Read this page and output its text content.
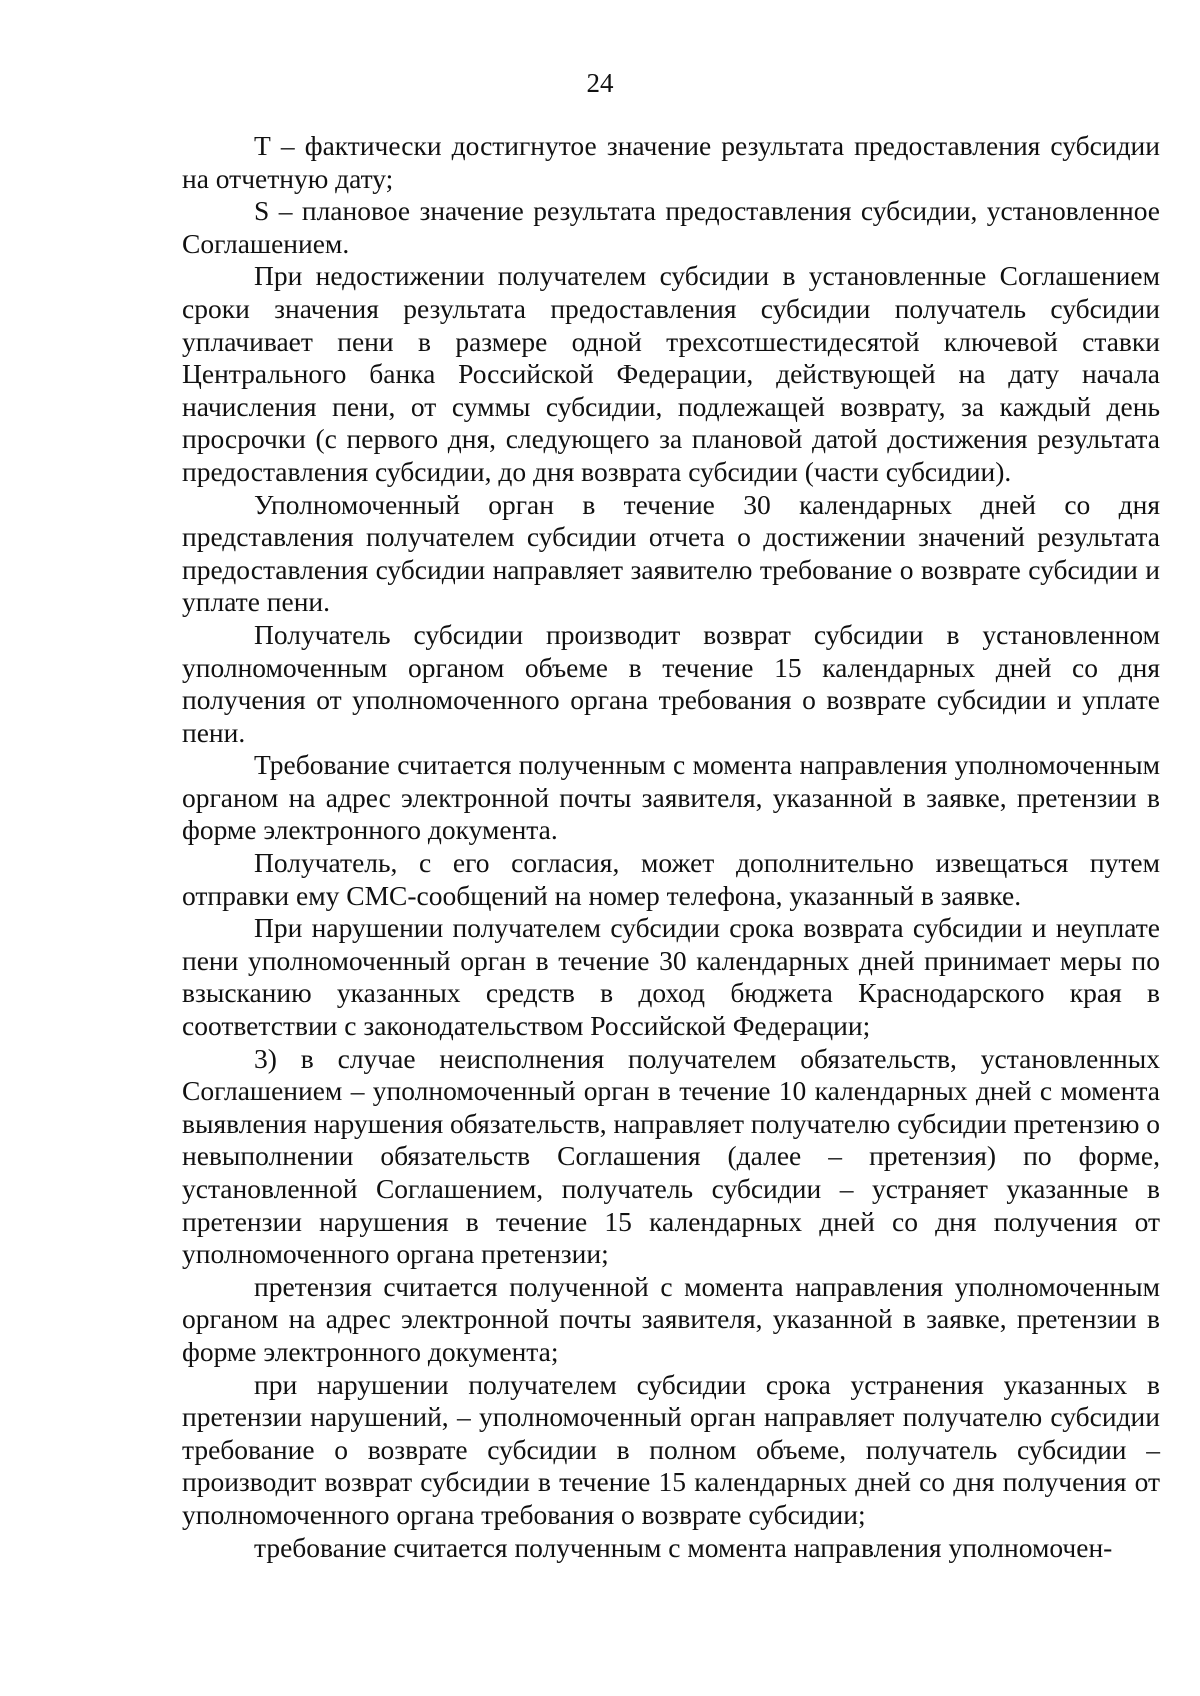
24

Т – фактически достигнутое значение результата предоставления субсидии на отчетную дату;

S – плановое значение результата предоставления субсидии, установленное Соглашением.

При недостижении получателем субсидии в установленные Соглашением сроки значения результата предоставления субсидии получатель субсидии уплачивает пени в размере одной трехсотшестидесятой ключевой ставки Центрального банка Российской Федерации, действующей на дату начала начисления пени, от суммы субсидии, подлежащей возврату, за каждый день просрочки (с первого дня, следующего за плановой датой достижения результата предоставления субсидии, до дня возврата субсидии (части субсидии).

Уполномоченный орган в течение 30 календарных дней со дня представления получателем субсидии отчета о достижении значений результата предоставления субсидии направляет заявителю требование о возврате субсидии и уплате пени.

Получатель субсидии производит возврат субсидии в установленном уполномоченным органом объеме в течение 15 календарных дней со дня получения от уполномоченного органа требования о возврате субсидии и уплате пени.

Требование считается полученным с момента направления уполномоченным органом на адрес электронной почты заявителя, указанной в заявке, претензии в форме электронного документа.

Получатель, с его согласия, может дополнительно извещаться путем отправки ему СМС-сообщений на номер телефона, указанный в заявке.

При нарушении получателем субсидии срока возврата субсидии и неуплате пени уполномоченный орган в течение 30 календарных дней принимает меры по взысканию указанных средств в доход бюджета Краснодарского края в соответствии с законодательством Российской Федерации;

3) в случае неисполнения получателем обязательств, установленных Соглашением – уполномоченный орган в течение 10 календарных дней с момента выявления нарушения обязательств, направляет получателю субсидии претензию о невыполнении обязательств Соглашения (далее – претензия) по форме, установленной Соглашением, получатель субсидии – устраняет указанные в претензии нарушения в течение 15 календарных дней со дня получения от уполномоченного органа претензии;

претензия считается полученной с момента направления уполномоченным органом на адрес электронной почты заявителя, указанной в заявке, претензии в форме электронного документа;

при нарушении получателем субсидии срока устранения указанных в претензии нарушений, – уполномоченный орган направляет получателю субсидии требование о возврате субсидии в полном объеме, получатель субсидии – производит возврат субсидии в течение 15 календарных дней со дня получения от уполномоченного органа требования о возврате субсидии;

требование считается полученным с момента направления уполномочен-
